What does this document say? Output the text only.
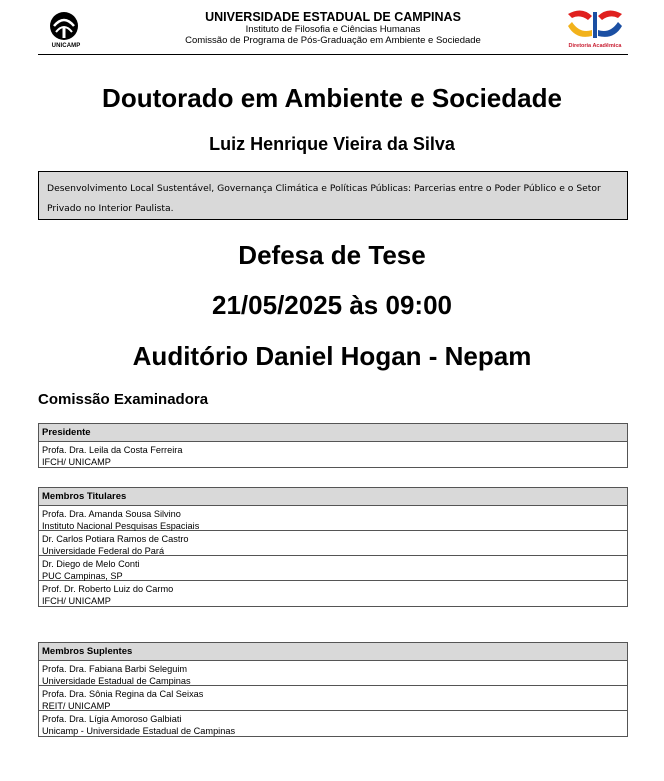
UNICAMP
UNIVERSIDADE ESTADUAL DE CAMPINAS
Instituto de Filosofia e Ciências Humanas
Comissão de Programa de Pós-Graduação em Ambiente e Sociedade	Diretoria Acadêmica
Doutorado em Ambiente e Sociedade
Luiz Henrique Vieira da Silva
Desenvolvimento Local Sustentável, Governança Climática e Políticas Públicas: Parcerias entre o Poder Público e o Setor Privado no Interior Paulista.
Defesa de Tese
21/05/2025 às 09:00
Auditório Daniel Hogan - Nepam
Comissão Examinadora
Presidente
Profa. Dra. Leila da Costa Ferreira
IFCH/ UNICAMP
Membros Titulares
Profa. Dra. Amanda Sousa Silvino
Instituto Nacional Pesquisas Espaciais
Dr. Carlos Potiara Ramos de Castro
Universidade Federal do Pará
Dr. Diego de Melo Conti
PUC Campinas, SP
Prof. Dr. Roberto Luiz do Carmo
IFCH/ UNICAMP
Membros Suplentes
Profa. Dra. Fabiana Barbi Seleguim
Universidade Estadual de Campinas
Profa. Dra. Sônia Regina da Cal Seixas
REIT/ UNICAMP
Profa. Dra. Lígia Amoroso Galbiati
Unicamp - Universidade Estadual de Campinas
